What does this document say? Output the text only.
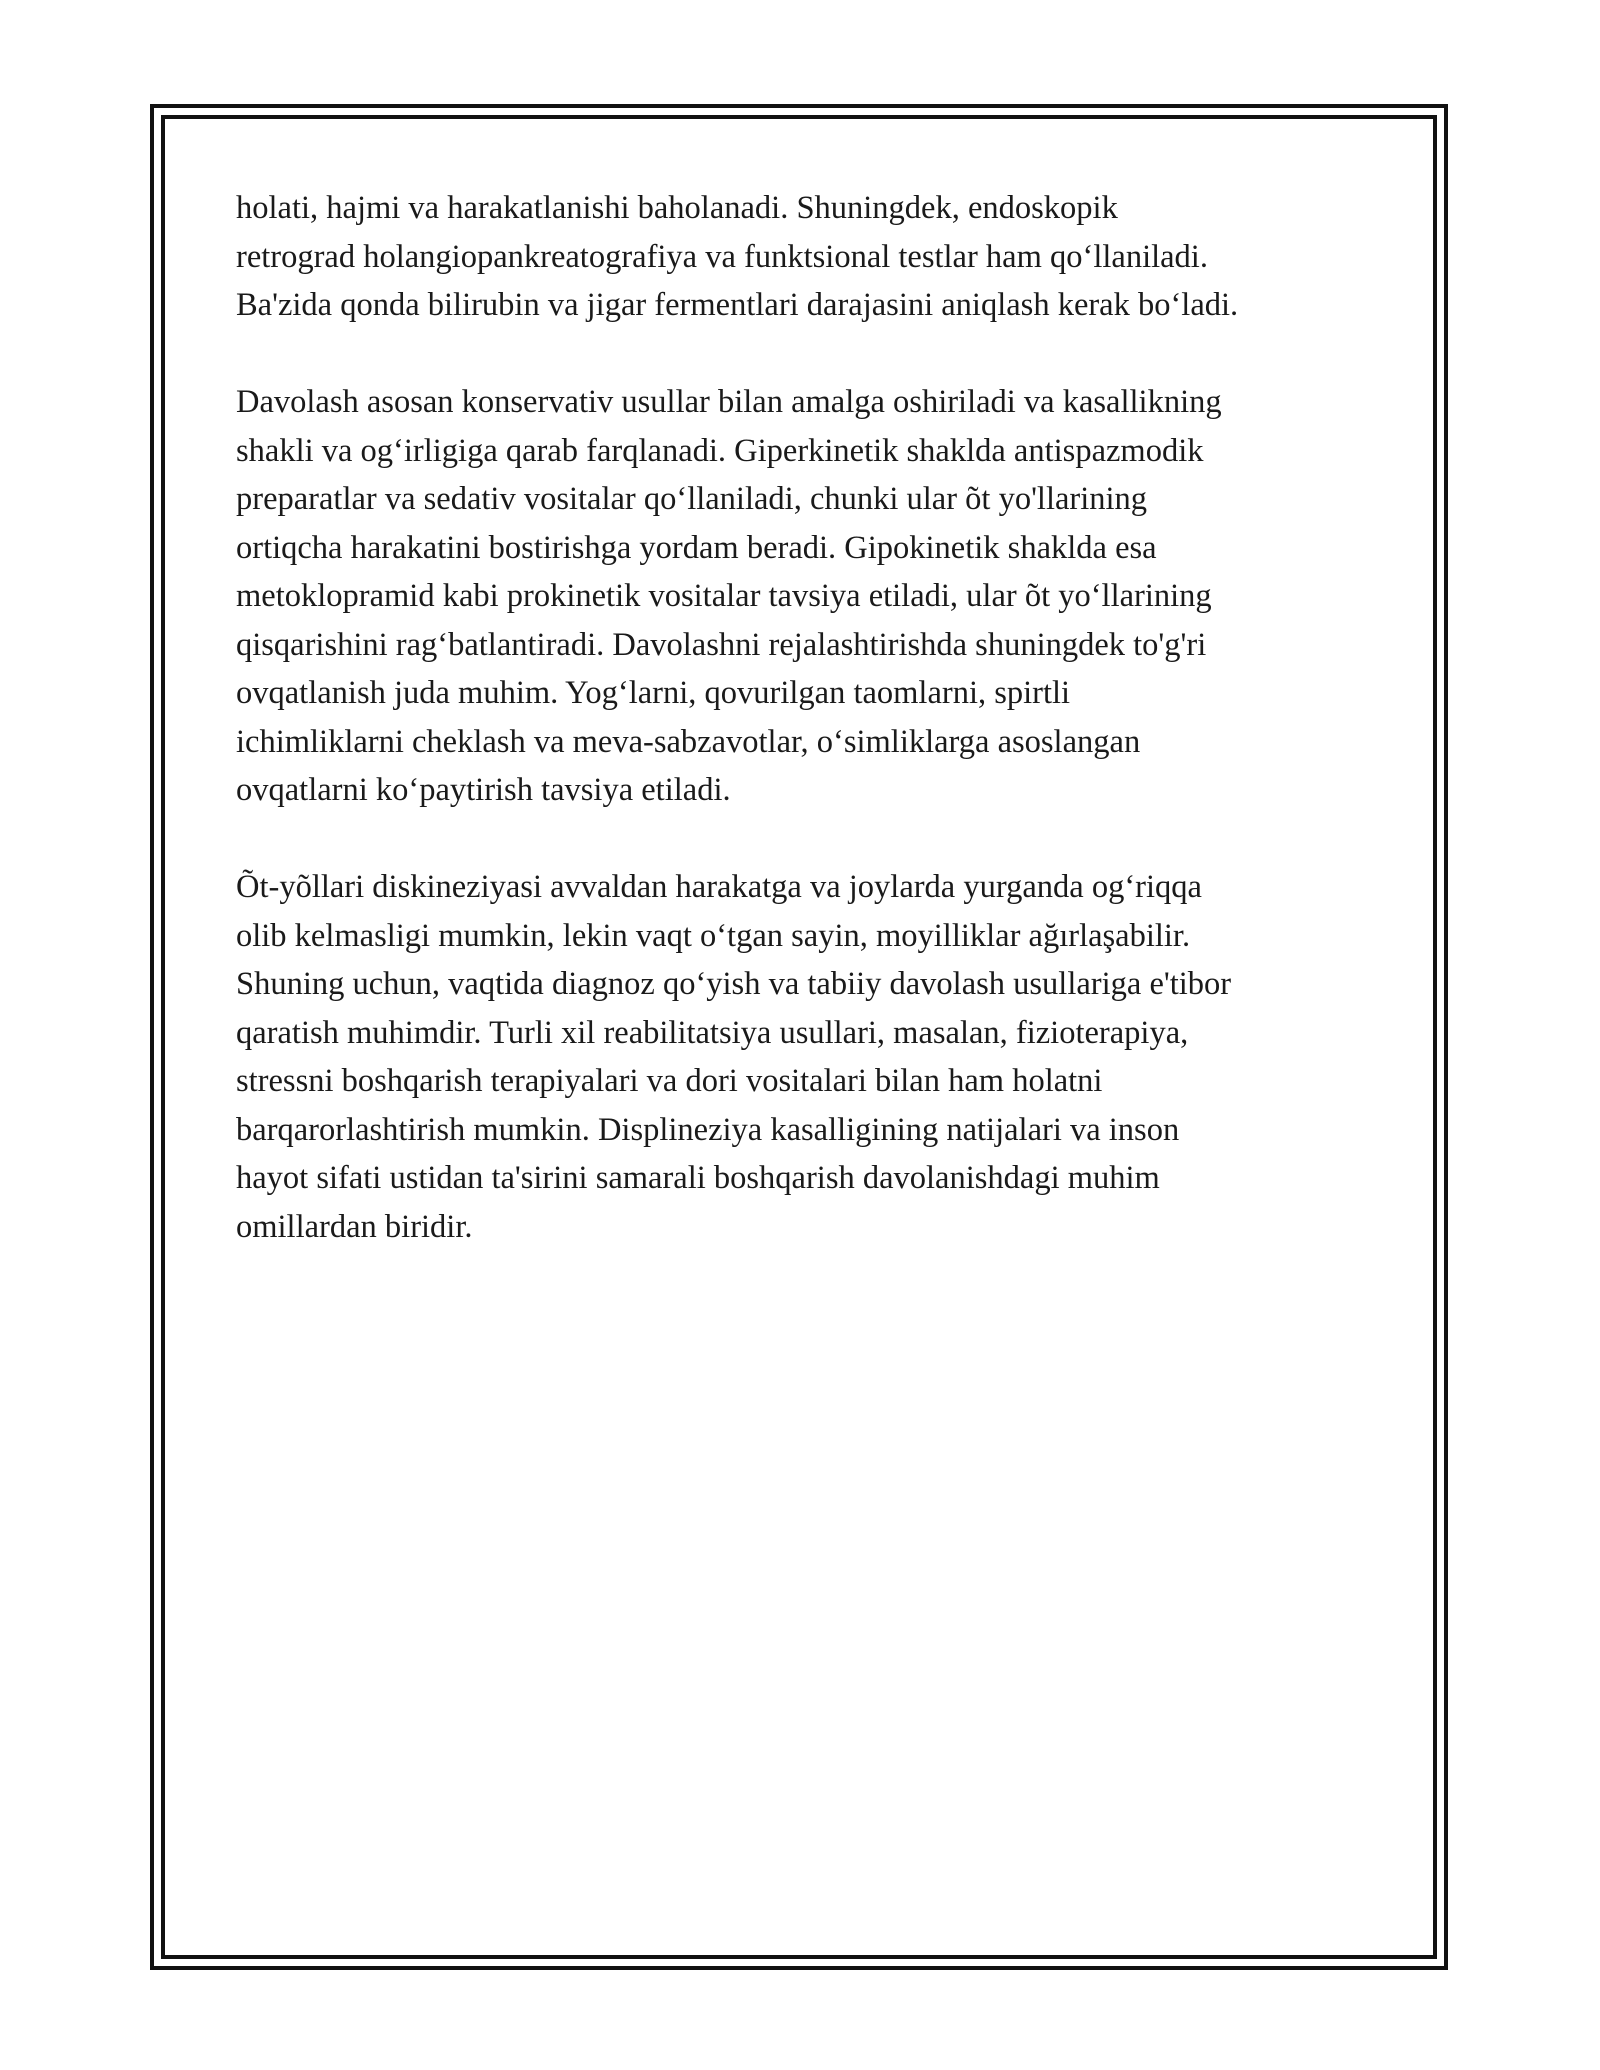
holati, hajmi va harakatlanishi baholanadi. Shuningdek, endoskopik
retrograd holangiopankreatografiya va funktsional testlar ham qo‘llaniladi.
Ba'zida qonda bilirubin va jigar fermentlari darajasini aniqlash kerak bo‘ladi.

Davolash asosan konservativ usullar bilan amalga oshiriladi va kasallikning
shakli va og‘irligiga qarab farqlanadi. Giperkinetik shaklda antispazmodik
preparatlar va sedativ vositalar qo‘llaniladi, chunki ular õt yo'llarining
ortiqcha harakatini bostirishga yordam beradi. Gipokinetik shaklda esa
metoklopramid kabi prokinetik vositalar tavsiya etiladi, ular õt yo‘llarining
qisqarishini rag‘batlantiradi. Davolashni rejalashtirishda shuningdek to'g'ri
ovqatlanish juda muhim. Yog‘larni, qovurilgan taomlarni, spirtli
ichimliklarni cheklash va meva-sabzavotlar, o‘simliklarga asoslangan
ovqatlarni ko‘paytirish tavsiya etiladi.

Õt-yõllari diskineziyasi avvaldan harakatga va joylarda yurganda og‘riqqa
olib kelmasligi mumkin, lekin vaqt o‘tgan sayin, moyilliklar ağırlaşabilir.
Shuning uchun, vaqtida diagnoz qo‘yish va tabiiy davolash usullariga e'tibor
qaratish muhimdir. Turli xil reabilitatsiya usullari, masalan, fizioterapiya,
stressni boshqarish terapiyalari va dori vositalari bilan ham holatni
barqarorlashtirish mumkin. Displineziya kasalligining natijalari va inson
hayot sifati ustidan ta'sirini samarali boshqarish davolanishdagi muhim
omillardan biridir.
